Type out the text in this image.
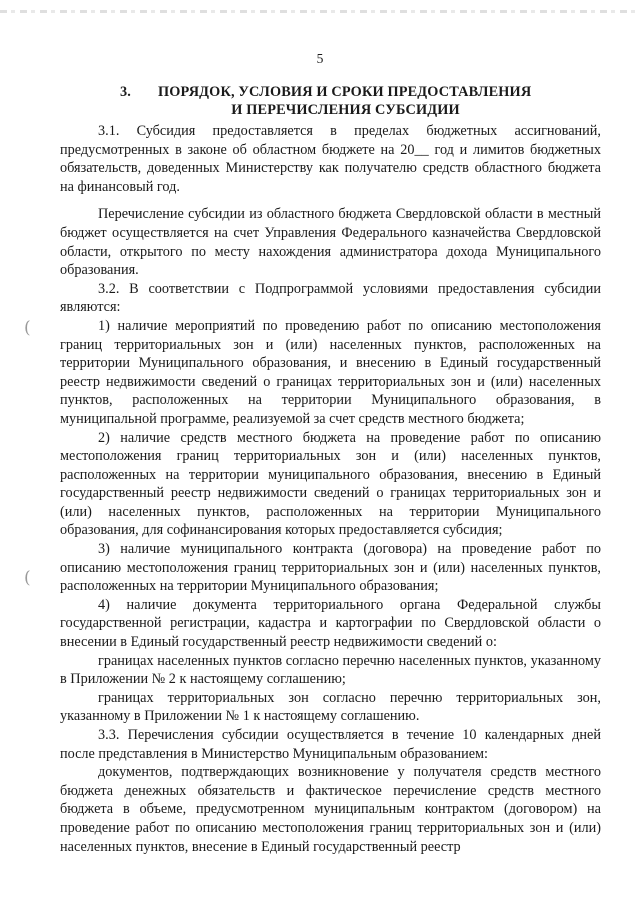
5
3. ПОРЯДОК, УСЛОВИЯ И СРОКИ ПРЕДОСТАВЛЕНИЯ
И ПЕРЕЧИСЛЕНИЯ СУБСИДИИ

3.1. Субсидия предоставляется в пределах бюджетных ассигнований, предусмотренных в законе об областном бюджете на 20__ год и лимитов бюджетных обязательств, доведенных Министерству как получателю средств областного бюджета на финансовый год.

Перечисление субсидии из областного бюджета Свердловской области в местный бюджет осуществляется на счет Управления Федерального казначейства Свердловской области, открытого по месту нахождения администратора дохода Муниципального образования.

3.2. В соответствии с Подпрограммой условиями предоставления субсидии являются:

1) наличие мероприятий по проведению работ по описанию местоположения границ территориальных зон и (или) населенных пунктов, расположенных на территории Муниципального образования, и внесению в Единый государственный реестр недвижимости сведений о границах территориальных зон и (или) населенных пунктов, расположенных на территории Муниципального образования, в муниципальной программе, реализуемой за счет средств местного бюджета;

2) наличие средств местного бюджета на проведение работ по описанию местоположения границ территориальных зон и (или) населенных пунктов, расположенных на территории муниципального образования, внесению в Единый государственный реестр недвижимости сведений о границах территориальных зон и (или) населенных пунктов, расположенных на территории Муниципального образования, для софинансирования которых предоставляется субсидия;

3) наличие муниципального контракта (договора) на проведение работ по описанию местоположения границ территориальных зон и (или) населенных пунктов, расположенных на территории Муниципального образования;

4) наличие документа территориального органа Федеральной службы государственной регистрации, кадастра и картографии по Свердловской области о внесении в Единый государственный реестр недвижимости сведений о:

границах населенных пунктов согласно перечню населенных пунктов, указанному в Приложении № 2 к настоящему соглашению;

границах территориальных зон согласно перечню территориальных зон, указанному в Приложении № 1 к настоящему соглашению.

3.3. Перечисления субсидии осуществляется в течение 10 календарных дней после представления в Министерство Муниципальным образованием:

документов, подтверждающих возникновение у получателя средств местного бюджета денежных обязательств и фактическое перечисление средств местного бюджета в объеме, предусмотренном муниципальным контрактом (договором) на проведение работ по описанию местоположения границ территориальных зон и (или) населенных пунктов, внесение в Единый государственный реестр

(
(
